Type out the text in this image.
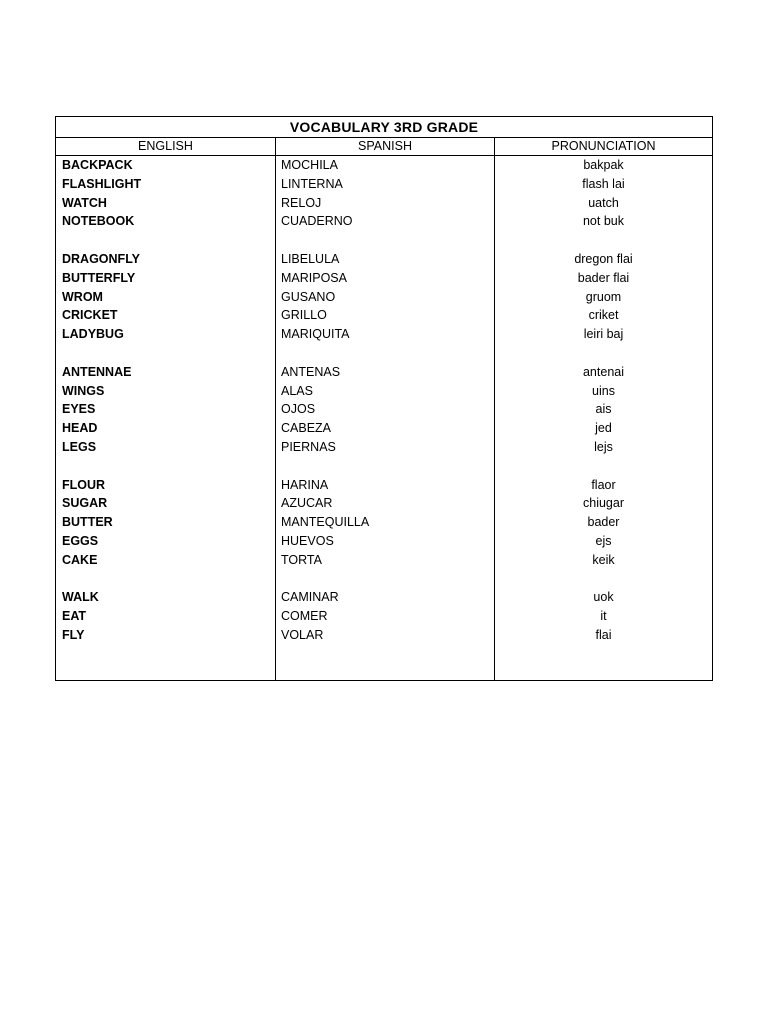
VOCABULARY 3RD GRADE
ENGLISH	SPANISH	PRONUNCIATION
BACKPACK
FLASHLIGHT
WATCH
NOTEBOOK
DRAGONFLY
BUTTERFLY
WROM
CRICKET
LADYBUG
ANTENNAE
WINGS
EYES
HEAD
LEGS
FLOUR
SUGAR
BUTTER
EGGS
CAKE
WALK
EAT
FLY
MOCHILA
LINTERNA
RELOJ
CUADERNO
LIBELULA
MARIPOSA
GUSANO
GRILLO
MARIQUITA
ANTENAS
ALAS
OJOS
CABEZA
PIERNAS
HARINA
AZUCAR
MANTEQUILLA
HUEVOS
TORTA
CAMINAR
COMER
VOLAR
bakpak
flash lai
uatch
not buk
dregon flai
bader flai
gruom
criket
leiri baj
antenai
uins
ais
jed
lejs
flaor
chiugar
bader
ejs
keik
uok
it
flai
